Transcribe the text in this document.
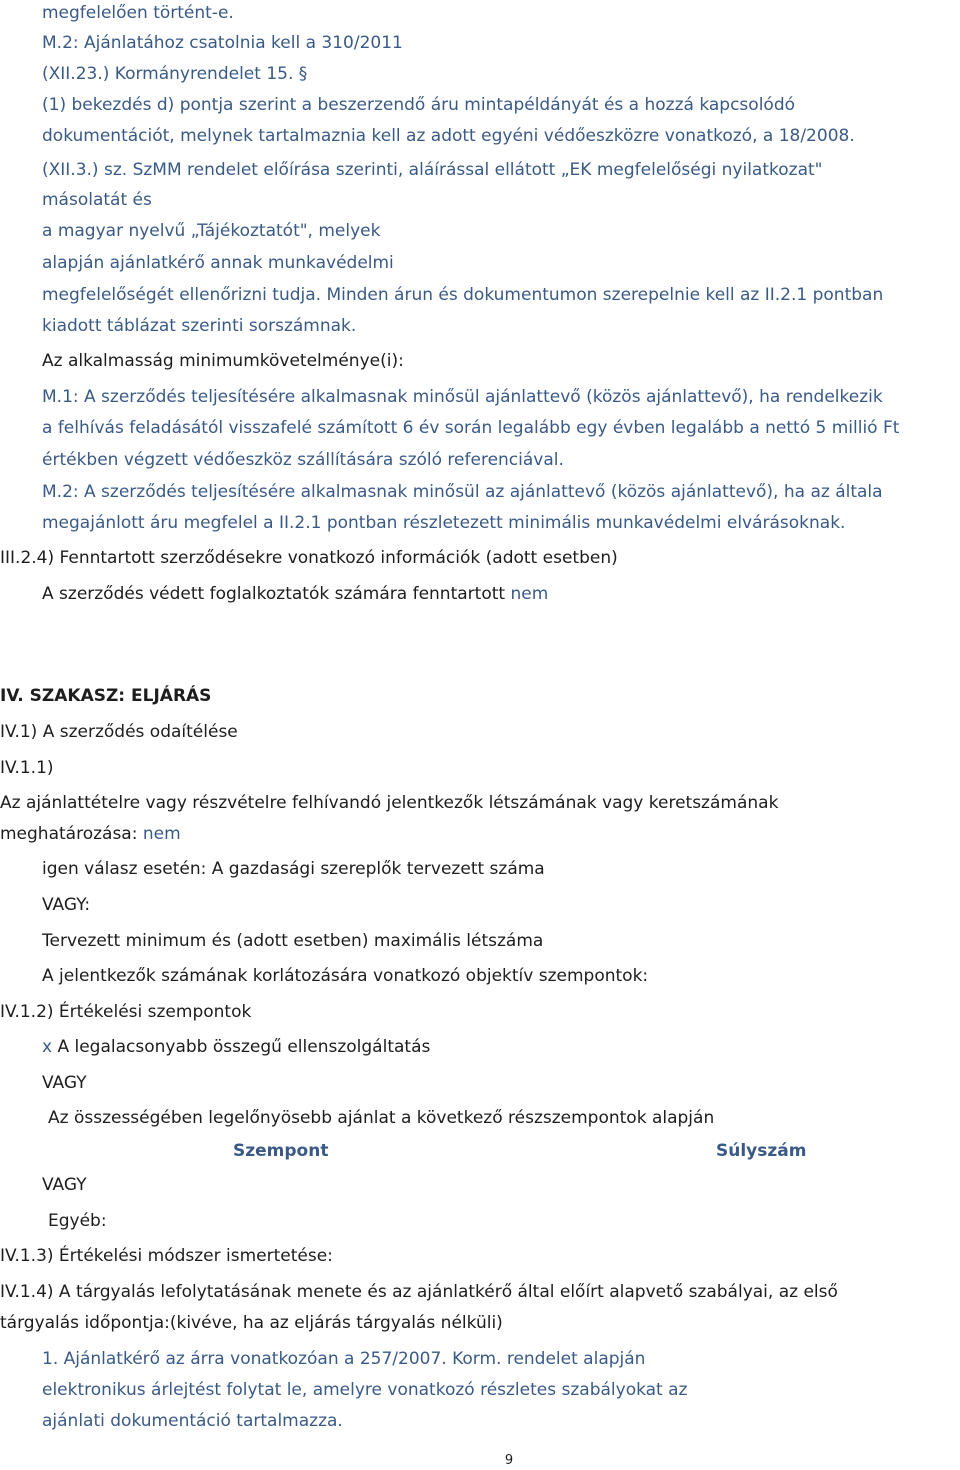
megfelelően történt-e.
M.2: Ajánlatához csatolnia kell a 310/2011
(XII.23.) Kormányrendelet 15. §
(1) bekezdés d) pontja szerint a beszerzendő áru mintapéldányát és a hozzá kapcsolódó
dokumentációt, melynek tartalmaznia kell az adott egyéni védőeszközre vonatkozó, a 18/2008.
(XII.3.) sz. SzMM rendelet előírása szerinti, aláírással ellátott „EK megfelelőségi nyilatkozat"
másolatát és
a magyar nyelvű „Tájékoztatót", melyek
alapján ajánlatkérő annak munkavédelmi
megfelelőségét ellenőrizni tudja. Minden árun és dokumentumon szerepelnie kell az II.2.1 pontban
kiadott táblázat szerinti sorszámnak.
Az alkalmasság minimumkövetelménye(i):
M.1: A szerződés teljesítésére alkalmasnak minősül ajánlattevő (közös ajánlattevő), ha rendelkezik
a felhívás feladásától visszafelé számított 6 év során legalább egy évben legalább a nettó 5 millió Ft
értékben végzett védőeszköz szállítására szóló referenciával.
M.2: A szerződés teljesítésére alkalmasnak minősül az ajánlattevő (közös ajánlattevő), ha az általa
megajánlott áru megfelel a II.2.1 pontban részletezett minimális munkavédelmi elvárásoknak.
III.2.4) Fenntartott szerződésekre vonatkozó információk (adott esetben)
A szerződés védett foglalkoztatók számára fenntartott nem
IV. SZAKASZ: ELJÁRÁS
IV.1) A szerződés odaítélése
IV.1.1)
Az ajánlattételre vagy részvételre felhívandó jelentkezők létszámának vagy keretszámának
meghatározása: nem
igen válasz esetén: A gazdasági szereplők tervezett száma
VAGY:
Tervezett minimum és (adott esetben) maximális létszáma
A jelentkezők számának korlátozására vonatkozó objektív szempontok:
IV.1.2) Értékelési szempontok
x A legalacsonyabb összegű ellenszolgáltatás
VAGY
Az összességében legelőnyösebb ajánlat a következő részszempontok alapján
Szempont	Súlyszám
VAGY
Egyéb:
IV.1.3) Értékelési módszer ismertetése:
IV.1.4) A tárgyalás lefolytatásának menete és az ajánlatkérő által előírt alapvető szabályai, az első
tárgyalás időpontja:(kivéve, ha az eljárás tárgyalás nélküli)
1. Ajánlatkérő az árra vonatkozóan a 257/2007. Korm. rendelet alapján
elektronikus árlejtést folytat le, amelyre vonatkozó részletes szabályokat az
ajánlati dokumentáció tartalmazza.
9
